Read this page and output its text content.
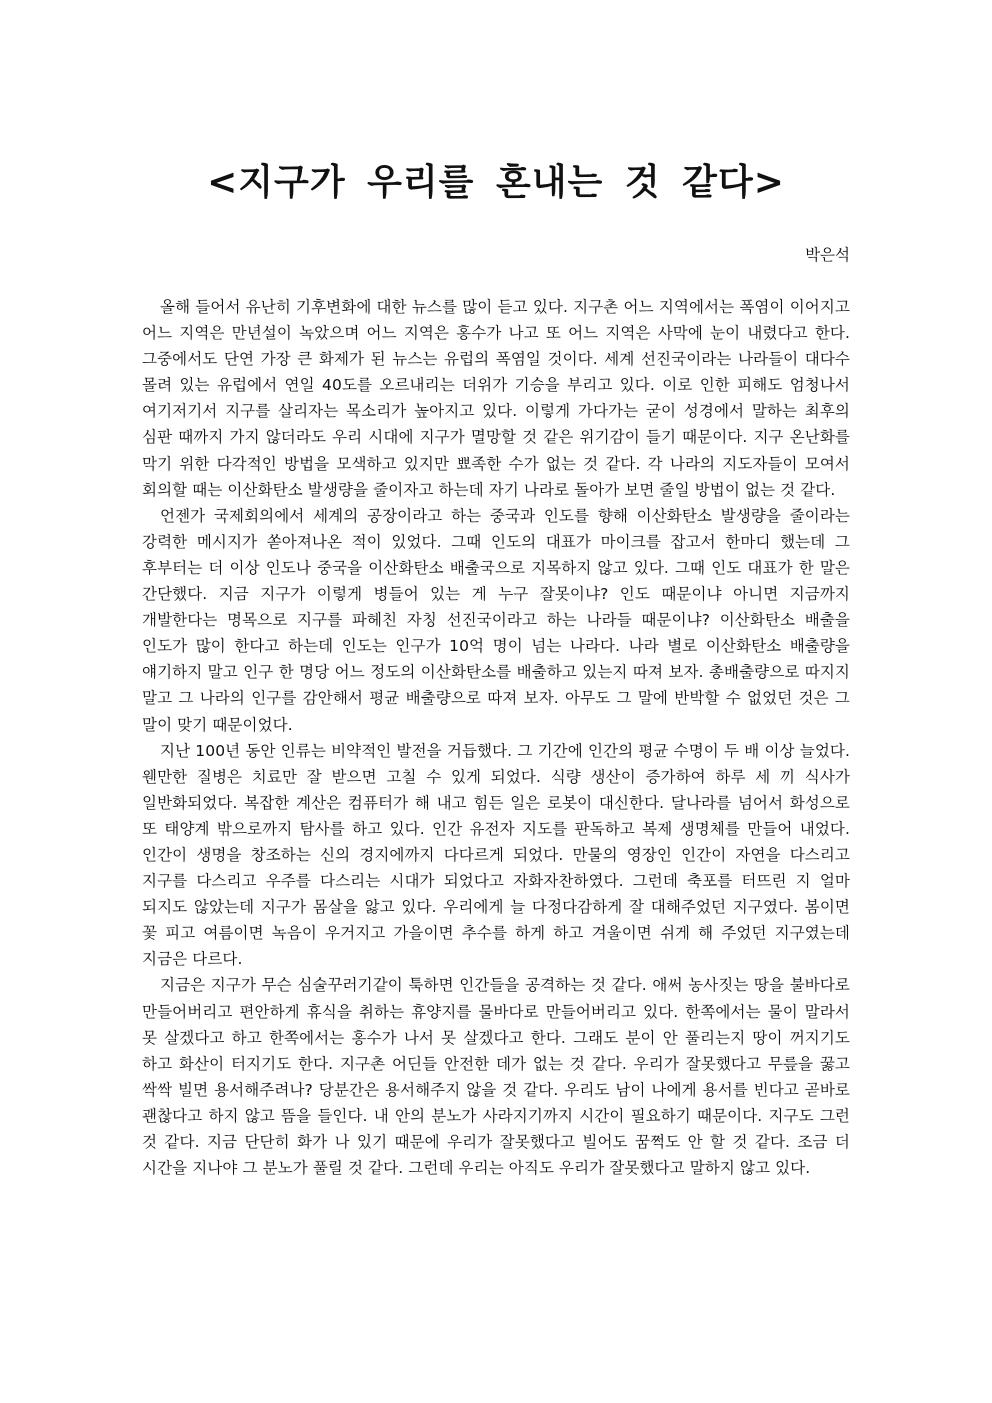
<지구가 우리를 혼내는 것 같다>
박은석

올해 들어서 유난히 기후변화에 대한 뉴스를 많이 듣고 있다. 지구촌 어느 지역에서는 폭염이 이어지고 어느 지역은 만년설이 녹았으며 어느 지역은 홍수가 나고 또 어느 지역은 사막에 눈이 내렸다고 한다. 그중에서도 단연 가장 큰 화제가 된 뉴스는 유럽의 폭염일 것이다. 세계 선진국이라는 나라들이 대다수 몰려 있는 유럽에서 연일 40도를 오르내리는 더위가 기승을 부리고 있다. 이로 인한 피해도 엄청나서 여기저기서 지구를 살리자는 목소리가 높아지고 있다. 이렇게 가다가는 굳이 성경에서 말하는 최후의 심판 때까지 가지 않더라도 우리 시대에 지구가 멸망할 것 같은 위기감이 들기 때문이다. 지구 온난화를 막기 위한 다각적인 방법을 모색하고 있지만 뾰족한 수가 없는 것 같다. 각 나라의 지도자들이 모여서 회의할 때는 이산화탄소 발생량을 줄이자고 하는데 자기 나라로 돌아가 보면 줄일 방법이 없는 것 같다.

언젠가 국제회의에서 세계의 공장이라고 하는 중국과 인도를 향해 이산화탄소 발생량을 줄이라는 강력한 메시지가 쏟아져나온 적이 있었다. 그때 인도의 대표가 마이크를 잡고서 한마디 했는데 그 후부터는 더 이상 인도나 중국을 이산화탄소 배출국으로 지목하지 않고 있다. 그때 인도 대표가 한 말은 간단했다. 지금 지구가 이렇게 병들어 있는 게 누구 잘못이냐? 인도 때문이냐 아니면 지금까지 개발한다는 명목으로 지구를 파헤친 자칭 선진국이라고 하는 나라들 때문이냐? 이산화탄소 배출을 인도가 많이 한다고 하는데 인도는 인구가 10억 명이 넘는 나라다. 나라 별로 이산화탄소 배출량을 얘기하지 말고 인구 한 명당 어느 정도의 이산화탄소를 배출하고 있는지 따져 보자. 총배출량으로 따지지 말고 그 나라의 인구를 감안해서 평균 배출량으로 따져 보자. 아무도 그 말에 반박할 수 없었던 것은 그 말이 맞기 때문이었다.

지난 100년 동안 인류는 비약적인 발전을 거듭했다. 그 기간에 인간의 평균 수명이 두 배 이상 늘었다. 웬만한 질병은 치료만 잘 받으면 고칠 수 있게 되었다. 식량 생산이 증가하여 하루 세 끼 식사가 일반화되었다. 복잡한 계산은 컴퓨터가 해 내고 힘든 일은 로봇이 대신한다. 달나라를 넘어서 화성으로 또 태양계 밖으로까지 탐사를 하고 있다. 인간 유전자 지도를 판독하고 복제 생명체를 만들어 내었다. 인간이 생명을 창조하는 신의 경지에까지 다다르게 되었다. 만물의 영장인 인간이 자연을 다스리고 지구를 다스리고 우주를 다스리는 시대가 되었다고 자화자찬하였다. 그런데 축포를 터뜨린 지 얼마 되지도 않았는데 지구가 몸살을 앓고 있다. 우리에게 늘 다정다감하게 잘 대해주었던 지구였다. 봄이면 꽃 피고 여름이면 녹음이 우거지고 가을이면 추수를 하게 하고 겨울이면 쉬게 해 주었던 지구였는데 지금은 다르다.

지금은 지구가 무슨 심술꾸러기같이 툭하면 인간들을 공격하는 것 같다. 애써 농사짓는 땅을 불바다로 만들어버리고 편안하게 휴식을 취하는 휴양지를 물바다로 만들어버리고 있다. 한쪽에서는 물이 말라서 못 살겠다고 하고 한쪽에서는 홍수가 나서 못 살겠다고 한다. 그래도 분이 안 풀리는지 땅이 꺼지기도 하고 화산이 터지기도 한다. 지구촌 어딘들 안전한 데가 없는 것 같다. 우리가 잘못했다고 무릎을 꿇고 싹싹 빌면 용서해주려나? 당분간은 용서해주지 않을 것 같다. 우리도 남이 나에게 용서를 빈다고 곧바로 괜찮다고 하지 않고 뜸을 들인다. 내 안의 분노가 사라지기까지 시간이 필요하기 때문이다. 지구도 그런 것 같다. 지금 단단히 화가 나 있기 때문에 우리가 잘못했다고 빌어도 꿈쩍도 안 할 것 같다. 조금 더 시간을 지나야 그 분노가 풀릴 것 같다. 그런데 우리는 아직도 우리가 잘못했다고 말하지 않고 있다.
